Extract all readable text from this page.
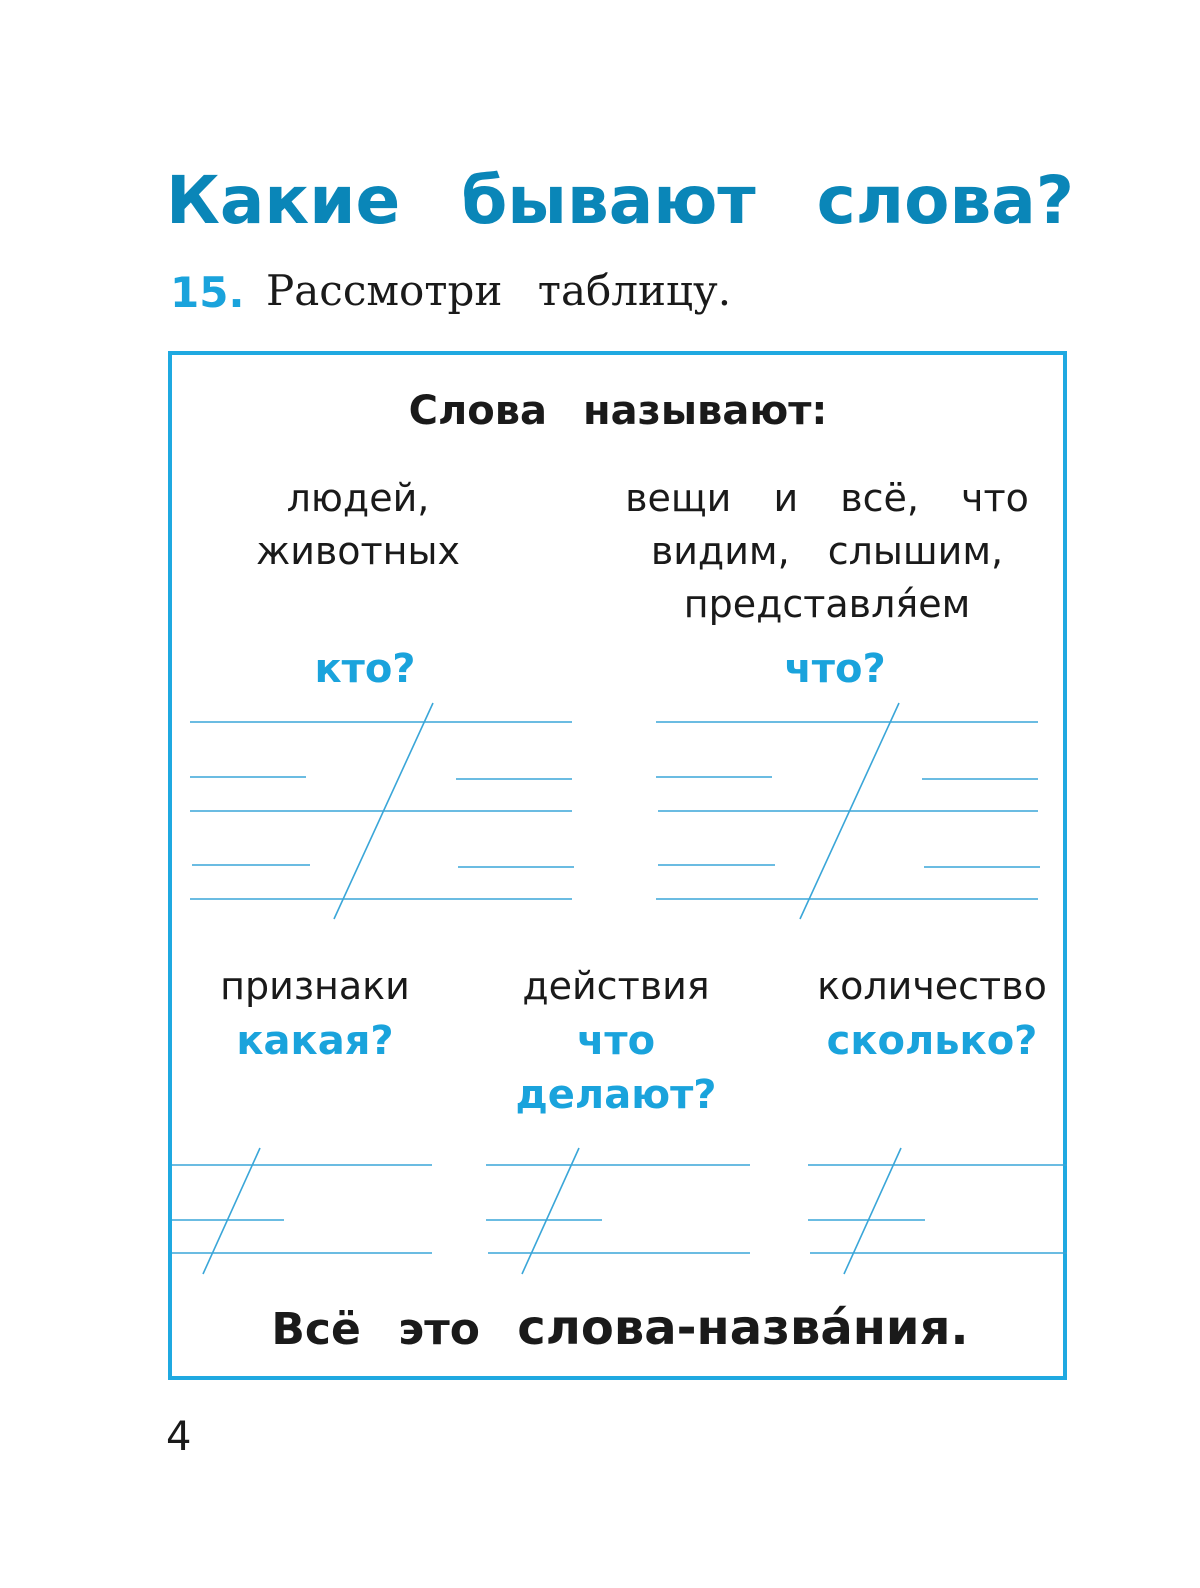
Какие бывают слова?
15. Рассмотри таблицу.
Слова называют:
людей,
животных
кто?
вещи и всё, что
видим, слышим,
представля́ем
что?
признаки
какая?
действия
что
делают?
количество
сколько?
Всё это слова-назва́ния.
4
